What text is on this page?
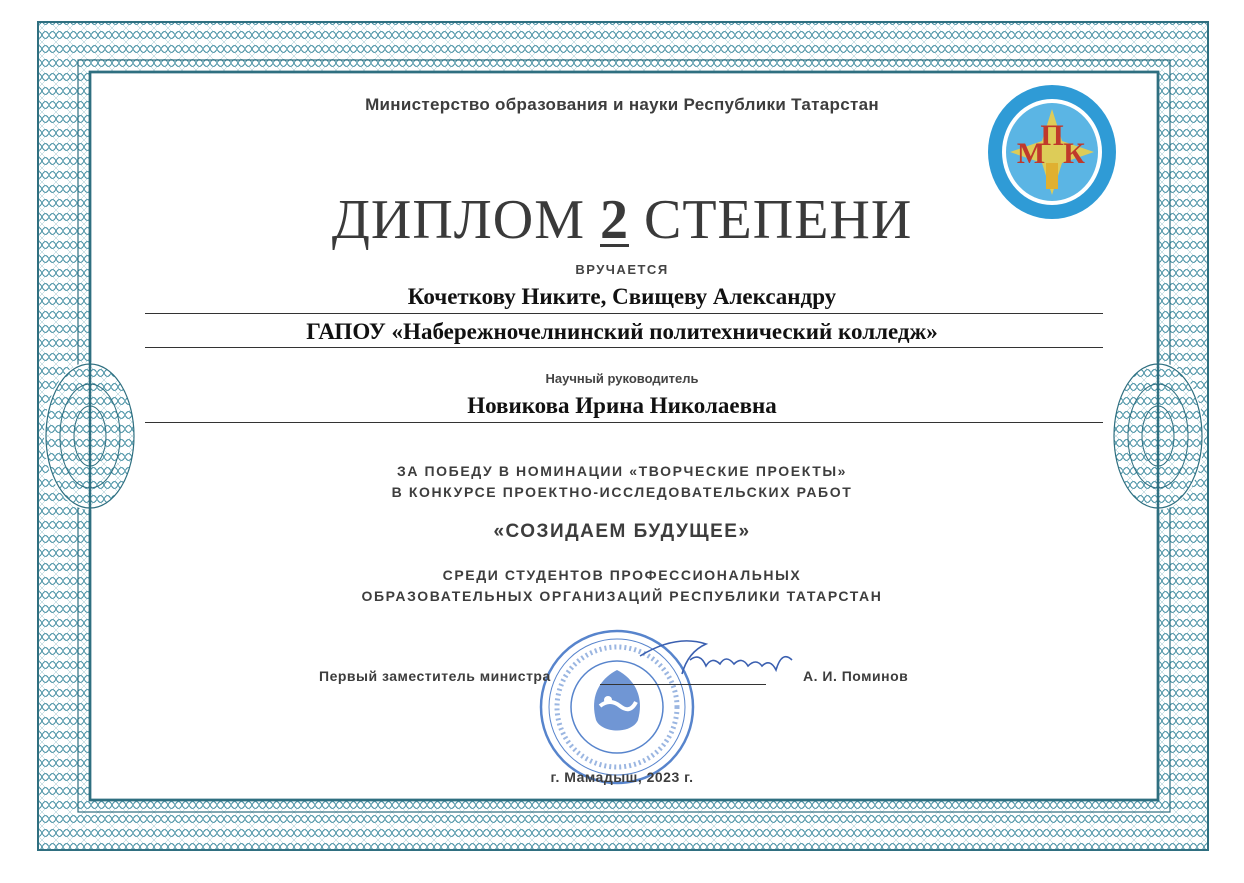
М
П
К
Министерство образования и науки Республики Татарстан
ДИПЛОМ 2 СТЕПЕНИ
ВРУЧАЕТСЯ
Кочеткову Никите, Свищеву Александру
ГАПОУ «Набережночелнинский политехнический колледж»
Научный руководитель
Новикова Ирина Николаевна
ЗА ПОБЕДУ В НОМИНАЦИИ «ТВОРЧЕСКИЕ ПРОЕКТЫ»
В КОНКУРСЕ ПРОЕКТНО-ИССЛЕДОВАТЕЛЬСКИХ РАБОТ
«СОЗИДАЕМ БУДУЩЕЕ»
СРЕДИ СТУДЕНТОВ ПРОФЕССИОНАЛЬНЫХ
ОБРАЗОВАТЕЛЬНЫХ ОРГАНИЗАЦИЙ РЕСПУБЛИКИ ТАТАРСТАН
Первый заместитель министра	А. И. Поминов
г. Мамадыш, 2023 г.
